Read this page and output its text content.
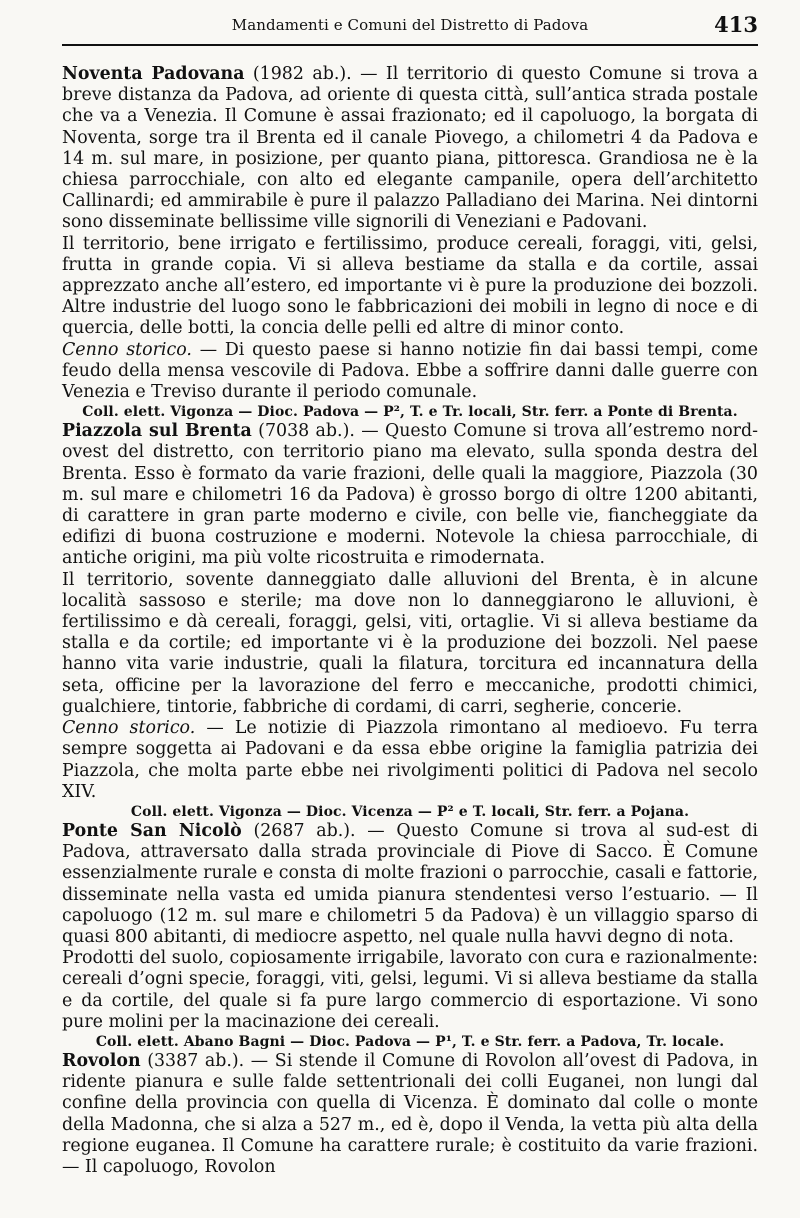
Mandamenti e Comuni del Distretto di Padova	413

Noventa Padovana (1982 ab.). — Il territorio di questo Comune si trova a breve distanza da Padova, ad oriente di questa città, sull’antica strada postale che va a Venezia. Il Comune è assai frazionato; ed il capoluogo, la borgata di Noventa, sorge tra il Brenta ed il canale Piovego, a chilometri 4 da Padova e 14 m. sul mare, in posizione, per quanto piana, pittoresca. Grandiosa ne è la chiesa parrocchiale, con alto ed elegante campanile, opera dell’architetto Callinardi; ed ammirabile è pure il palazzo Palladiano dei Marina. Nei dintorni sono disseminate bellissime ville signorili di Veneziani e Padovani.

Il territorio, bene irrigato e fertilissimo, produce cereali, foraggi, viti, gelsi, frutta in grande copia. Vi si alleva bestiame da stalla e da cortile, assai apprezzato anche all’estero, ed importante vi è pure la produzione dei bozzoli. Altre industrie del luogo sono le fabbricazioni dei mobili in legno di noce e di quercia, delle botti, la concia delle pelli ed altre di minor conto.

Cenno storico. — Di questo paese si hanno notizie fin dai bassi tempi, come feudo della mensa vescovile di Padova. Ebbe a soffrire danni dalle guerre con Venezia e Treviso durante il periodo comunale.

Coll. elett. Vigonza — Dioc. Padova — P², T. e Tr. locali, Str. ferr. a Ponte di Brenta.

Piazzola sul Brenta (7038 ab.). — Questo Comune si trova all’estremo nord-ovest del distretto, con territorio piano ma elevato, sulla sponda destra del Brenta. Esso è formato da varie frazioni, delle quali la maggiore, Piazzola (30 m. sul mare e chilometri 16 da Padova) è grosso borgo di oltre 1200 abitanti, di carattere in gran parte moderno e civile, con belle vie, fiancheggiate da edifizi di buona costruzione e moderni. Notevole la chiesa parrocchiale, di antiche origini, ma più volte ricostruita e rimodernata.

Il territorio, sovente danneggiato dalle alluvioni del Brenta, è in alcune località sassoso e sterile; ma dove non lo danneggiarono le alluvioni, è fertilissimo e dà cereali, foraggi, gelsi, viti, ortaglie. Vi si alleva bestiame da stalla e da cortile; ed importante vi è la produzione dei bozzoli. Nel paese hanno vita varie industrie, quali la filatura, torcitura ed incannatura della seta, officine per la lavorazione del ferro e meccaniche, prodotti chimici, gualchiere, tintorie, fabbriche di cordami, di carri, segherie, concerie.

Cenno storico. — Le notizie di Piazzola rimontano al medioevo. Fu terra sempre soggetta ai Padovani e da essa ebbe origine la famiglia patrizia dei Piazzola, che molta parte ebbe nei rivolgimenti politici di Padova nel secolo XIV.

Coll. elett. Vigonza — Dioc. Vicenza — P² e T. locali, Str. ferr. a Pojana.

Ponte San Nicolò (2687 ab.). — Questo Comune si trova al sud-est di Padova, attraversato dalla strada provinciale di Piove di Sacco. È Comune essenzialmente rurale e consta di molte frazioni o parrocchie, casali e fattorie, disseminate nella vasta ed umida pianura stendentesi verso l’estuario. — Il capoluogo (12 m. sul mare e chilometri 5 da Padova) è un villaggio sparso di quasi 800 abitanti, di mediocre aspetto, nel quale nulla havvi degno di nota.

Prodotti del suolo, copiosamente irrigabile, lavorato con cura e razionalmente: cereali d’ogni specie, foraggi, viti, gelsi, legumi. Vi si alleva bestiame da stalla e da cortile, del quale si fa pure largo commercio di esportazione. Vi sono pure molini per la macinazione dei cereali.

Coll. elett. Abano Bagni — Dioc. Padova — P¹, T. e Str. ferr. a Padova, Tr. locale.

Rovolon (3387 ab.). — Si stende il Comune di Rovolon all’ovest di Padova, in ridente pianura e sulle falde settentrionali dei colli Euganei, non lungi dal confine della provincia con quella di Vicenza. È dominato dal colle o monte della Madonna, che si alza a 527 m., ed è, dopo il Venda, la vetta più alta della regione euganea. Il Comune ha carattere rurale; è costituito da varie frazioni. — Il capoluogo, Rovolon
